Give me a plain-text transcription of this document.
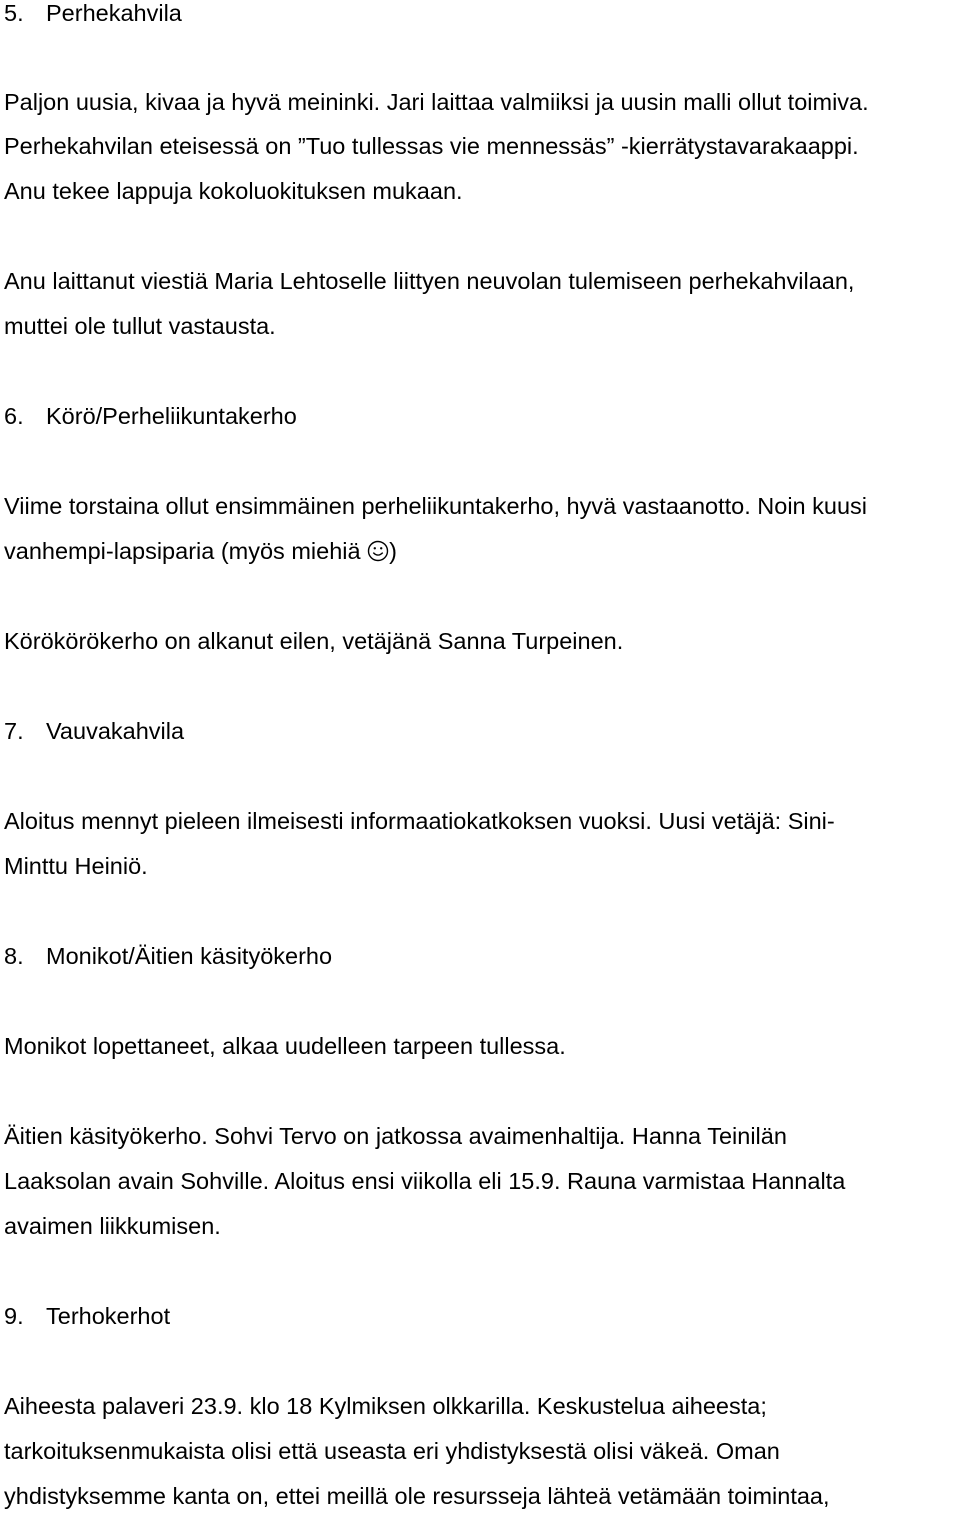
5. Perhekahvila
Paljon uusia, kivaa ja hyvä meininki. Jari laittaa valmiiksi ja uusin malli ollut toimiva.
Perhekahvilan eteisessä on ”Tuo tullessas vie mennessäs” -kierrätystavarakaappi.
Anu tekee lappuja kokoluokituksen mukaan.
Anu laittanut viestiä Maria Lehtoselle liittyen neuvolan tulemiseen perhekahvilaan,
muttei ole tullut vastausta.
6. Körö/Perheliikuntakerho
Viime torstaina ollut ensimmäinen perheliikuntakerho, hyvä vastaanotto. Noin kuusi
vanhempi-lapsiparia (myös miehiä )
Körökörökerho on alkanut eilen, vetäjänä Sanna Turpeinen.
7. Vauvakahvila
Aloitus mennyt pieleen ilmeisesti informaatiokatkoksen vuoksi. Uusi vetäjä: Sini-
Minttu Heiniö.
8. Monikot/Äitien käsityökerho
Monikot lopettaneet, alkaa uudelleen tarpeen tullessa.
Äitien käsityökerho. Sohvi Tervo on jatkossa avaimenhaltija. Hanna Teinilän
Laaksolan avain Sohville. Aloitus ensi viikolla eli 15.9. Rauna varmistaa Hannalta
avaimen liikkumisen.
9. Terhokerhot
Aiheesta palaveri 23.9. klo 18 Kylmiksen olkkarilla. Keskustelua aiheesta;
tarkoituksenmukaista olisi että useasta eri yhdistyksestä olisi väkeä. Oman
yhdistyksemme kanta on, ettei meillä ole resursseja lähteä vetämään toimintaa,
